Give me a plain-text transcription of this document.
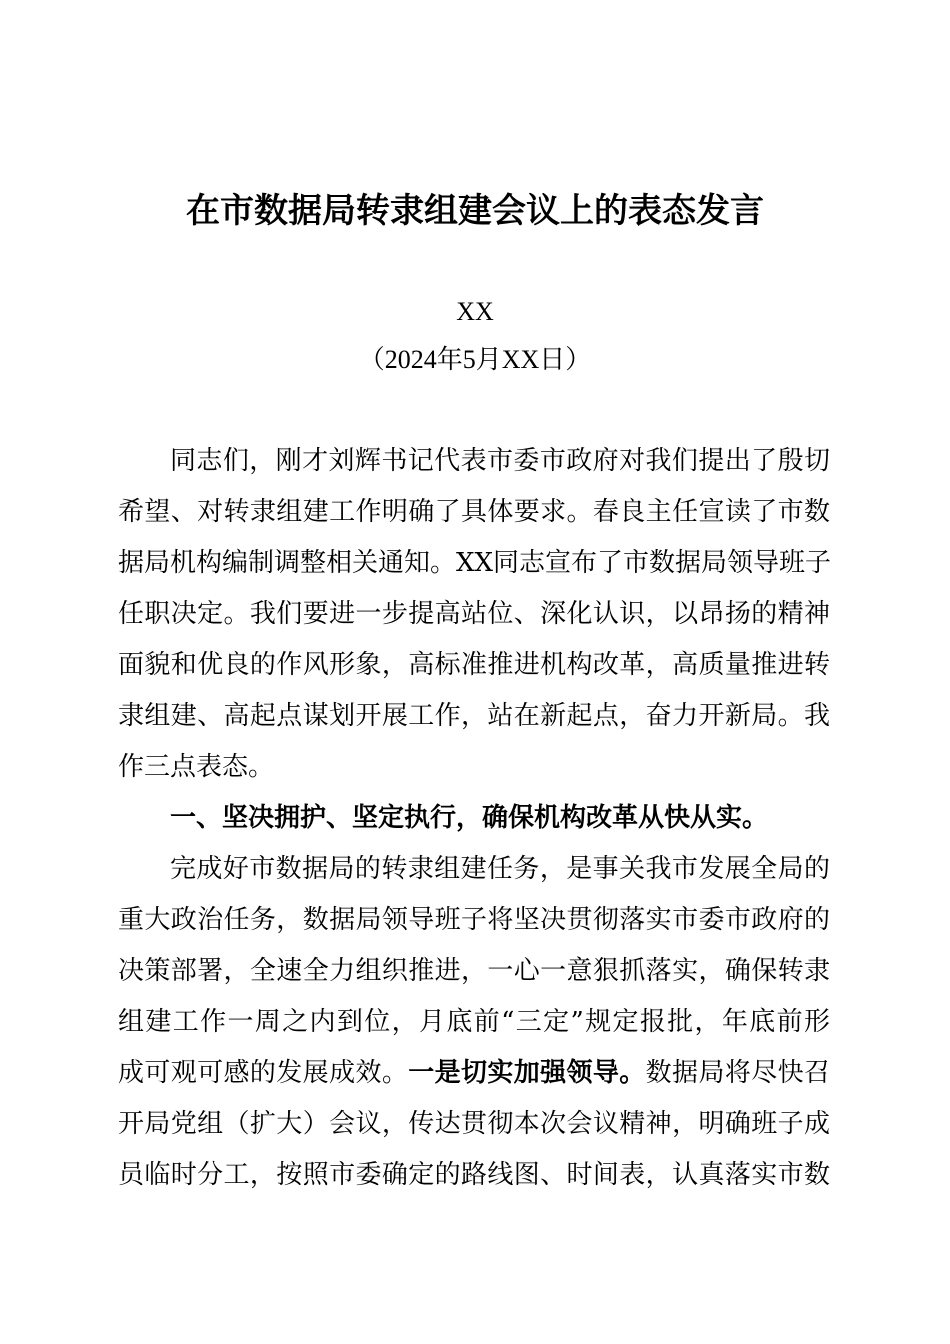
在市数据局转隶组建会议上的表态发言
XX
（2024年5月XX日）
同志们，刚才刘辉书记代表市委市政府对我们提出了殷切
希望、对转隶组建工作明确了具体要求。春良主任宣读了市数
据局机构编制调整相关通知。XX同志宣布了市数据局领导班子
任职决定。我们要进一步提高站位、深化认识，以昂扬的精神
面貌和优良的作风形象，高标准推进机构改革，高质量推进转
隶组建、高起点谋划开展工作，站在新起点，奋力开新局。我
作三点表态。
一、坚决拥护、坚定执行，确保机构改革从快从实。
完成好市数据局的转隶组建任务，是事关我市发展全局的
重大政治任务，数据局领导班子将坚决贯彻落实市委市政府的
决策部署，全速全力组织推进，一心一意狠抓落实，确保转隶
组建工作一周之内到位，月底前“三定”规定报批，年底前形
成可观可感的发展成效。一是切实加强领导。数据局将尽快召
开局党组（扩大）会议，传达贯彻本次会议精神，明确班子成
员临时分工，按照市委确定的路线图、时间表，认真落实市数
